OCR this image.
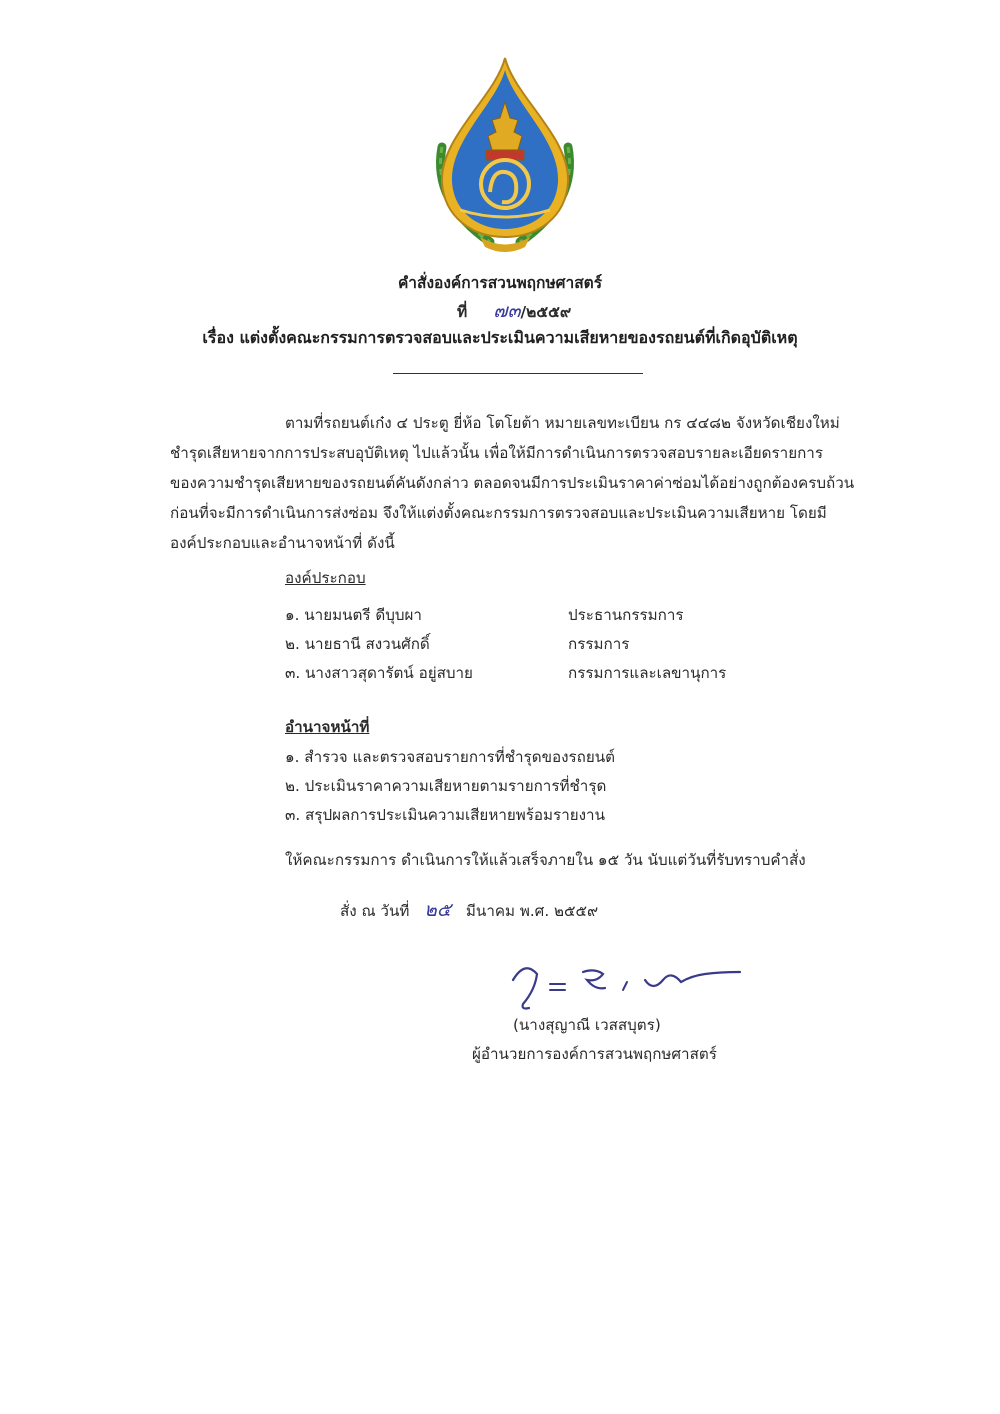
คำสั่งองค์การสวนพฤกษศาสตร์
ที่ ๗๓/๒๕๕๙
เรื่อง แต่งตั้งคณะกรรมการตรวจสอบและประเมินความเสียหายของรถยนต์ที่เกิดอุบัติเหตุ
ตามที่รถยนต์เก๋ง ๔ ประตู ยี่ห้อ โตโยต้า หมายเลขทะเบียน กร ๔๔๘๒ จังหวัดเชียงใหม่
ชำรุดเสียหายจากการประสบอุบัติเหตุ ไปแล้วนั้น เพื่อให้มีการดำเนินการตรวจสอบรายละเอียดรายการ
ของความชำรุดเสียหายของรถยนต์คันดังกล่าว ตลอดจนมีการประเมินราคาค่าซ่อมได้อย่างถูกต้องครบถ้วน
ก่อนที่จะมีการดำเนินการส่งซ่อม จึงให้แต่งตั้งคณะกรรมการตรวจสอบและประเมินความเสียหาย โดยมี
องค์ประกอบและอำนาจหน้าที่ ดังนี้
องค์ประกอบ
๑. นายมนตรี ดีบุบผา	ประธานกรรมการ
๒. นายธานี สงวนศักดิ์	กรรมการ
๓. นางสาวสุดารัตน์ อยู่สบาย	กรรมการและเลขานุการ
อำนาจหน้าที่
๑. สำรวจ และตรวจสอบรายการที่ชำรุดของรถยนต์
๒. ประเมินราคาความเสียหายตามรายการที่ชำรุด
๓. สรุปผลการประเมินความเสียหายพร้อมรายงาน
ให้คณะกรรมการ ดำเนินการให้แล้วเสร็จภายใน ๑๕ วัน นับแต่วันที่รับทราบคำสั่ง
สั่ง ณ วันที่ ๒๕ มีนาคม พ.ศ. ๒๕๕๙
(นางสุญาณี เวสสบุตร)
ผู้อำนวยการองค์การสวนพฤกษศาสตร์
